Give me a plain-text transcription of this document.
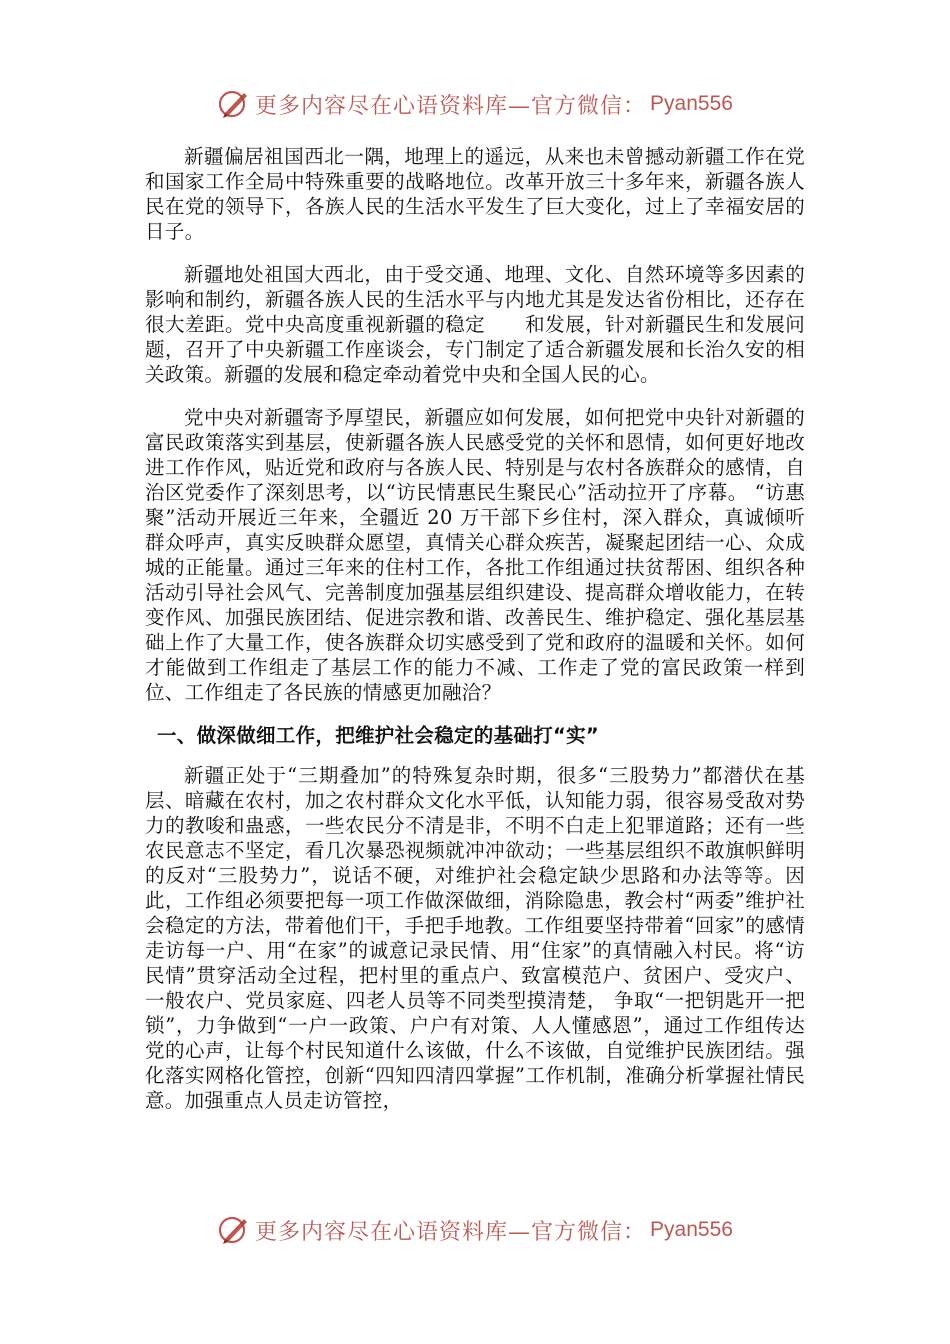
更多内容尽在心语资料库—官方微信： Pyan556

新疆偏居祖国西北一隅，地理上的遥远，从来也未曾撼动新疆工作在党和国家工作全局中特殊重要的战略地位。改革开放三十多年来，新疆各族人民在党的领导下，各族人民的生活水平发生了巨大变化，过上了幸福安居的日子。

新疆地处祖国大西北，由于受交通、地理、文化、自然环境等多因素的影响和制约，新疆各族人民的生活水平与内地尤其是发达省份相比，还存在很大差距。党中央高度重视新疆的稳定　　和发展，针对新疆民生和发展问题，召开了中央新疆工作座谈会，专门制定了适合新疆发展和长治久安的相关政策。新疆的发展和稳定牵动着党中央和全国人民的心。

党中央对新疆寄予厚望民，新疆应如何发展，如何把党中央针对新疆的富民政策落实到基层，使新疆各族人民感受党的关怀和恩情，如何更好地改进工作作风，贴近党和政府与各族人民、特别是与农村各族群众的感情，自治区党委作了深刻思考，以“访民情惠民生聚民心”活动拉开了序幕。 “访惠聚”活动开展近三年来，全疆近 20 万干部下乡住村，深入群众，真诚倾听群众呼声，真实反映群众愿望，真情关心群众疾苦，凝聚起团结一心、众成城的正能量。通过三年来的住村工作，各批工作组通过扶贫帮困、组织各种活动引导社会风气、完善制度加强基层组织建设、提高群众增收能力，在转变作风、加强民族团结、促进宗教和谐、改善民生、维护稳定、强化基层基础上作了大量工作，使各族群众切实感受到了党和政府的温暖和关怀。如何才能做到工作组走了基层工作的能力不减、工作走了党的富民政策一样到位、工作组走了各民族的情感更加融洽？

一、做深做细工作，把维护社会稳定的基础打“实”

新疆正处于“三期叠加”的特殊复杂时期，很多“三股势力”都潜伏在基层、暗藏在农村，加之农村群众文化水平低，认知能力弱，很容易受敌对势力的教唆和蛊惑，一些农民分不清是非，不明不白走上犯罪道路；还有一些农民意志不坚定，看几次暴恐视频就冲冲欲动；一些基层组织不敢旗帜鲜明的反对“三股势力”，说话不硬，对维护社会稳定缺少思路和办法等等。因此，工作组必须要把每一项工作做深做细，消除隐患，教会村“两委”维护社会稳定的方法，带着他们干，手把手地教。工作组要坚持带着“回家”的感情走访每一户、用“在家”的诚意记录民情、用“住家”的真情融入村民。将“访民情”贯穿活动全过程，把村里的重点户、致富模范户、贫困户、受灾户、一般农户、党员家庭、四老人员等不同类型摸清楚， 争取“一把钥匙开一把锁”，力争做到“一户一政策、户户有对策、人人懂感恩”，通过工作组传达党的心声，让每个村民知道什么该做，什么不该做，自觉维护民族团结。强化落实网格化管控，创新“四知四清四掌握”工作机制，准确分析掌握社情民意。加强重点人员走访管控，

更多内容尽在心语资料库—官方微信： Pyan556
